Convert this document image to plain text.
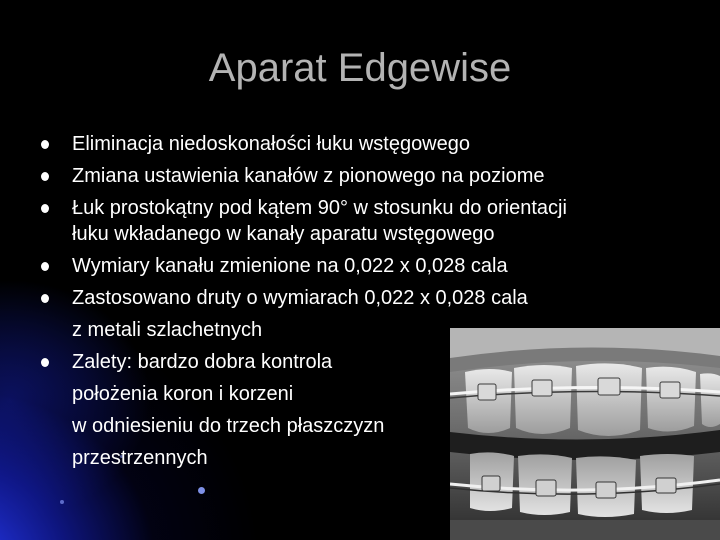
Aparat Edgewise
Eliminacja niedoskonałości łuku wstęgowego
Zmiana ustawienia kanałów z pionowego na poziome
Łuk prostokątny pod kątem 90° w stosunku do orientacji
łuku wkładanego w kanały aparatu wstęgowego
Wymiary kanału zmienione na 0,022 x 0,028 cala
Zastosowano druty o wymiarach 0,022 x 0,028 cala
z metali szlachetnych
Zalety: bardzo dobra kontrola
położenia koron i korzeni
w odniesieniu do trzech płaszczyzn
przestrzennych
